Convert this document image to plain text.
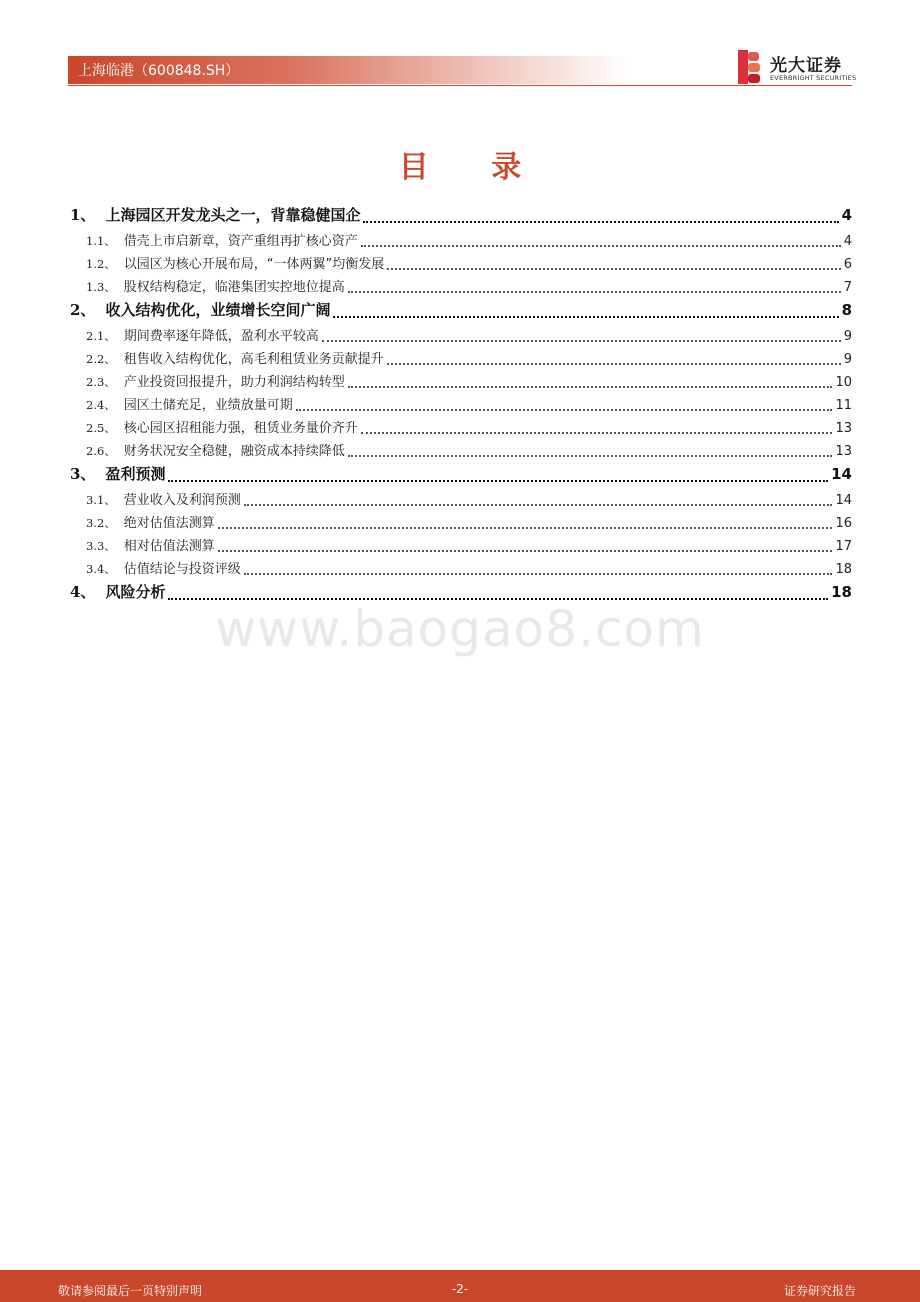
上海临港（600848.SH）	光大证券
EVERBRIGHT SECURITIES
目 录
1、 上海园区开发龙头之一，背靠稳健国企	4
1.1、 借壳上市启新章，资产重组再扩核心资产	4
1.2、 以园区为核心开展布局，“一体两翼”均衡发展	6
1.3、 股权结构稳定，临港集团实控地位提高	7
2、 收入结构优化，业绩增长空间广阔	8
2.1、 期间费率逐年降低，盈利水平较高	9
2.2、 租售收入结构优化，高毛利租赁业务贡献提升	9
2.3、 产业投资回报提升，助力利润结构转型	10
2.4、 园区土储充足，业绩放量可期	11
2.5、 核心园区招租能力强，租赁业务量价齐升	13
2.6、 财务状况安全稳健，融资成本持续降低	13
3、 盈利预测	14
3.1、 营业收入及利润预测	14
3.2、 绝对估值法测算	16
3.3、 相对估值法测算	17
3.4、 估值结论与投资评级	18
4、 风险分析	18
www.baogao8.com
敬请参阅最后一页特别声明	-2-	证券研究报告
